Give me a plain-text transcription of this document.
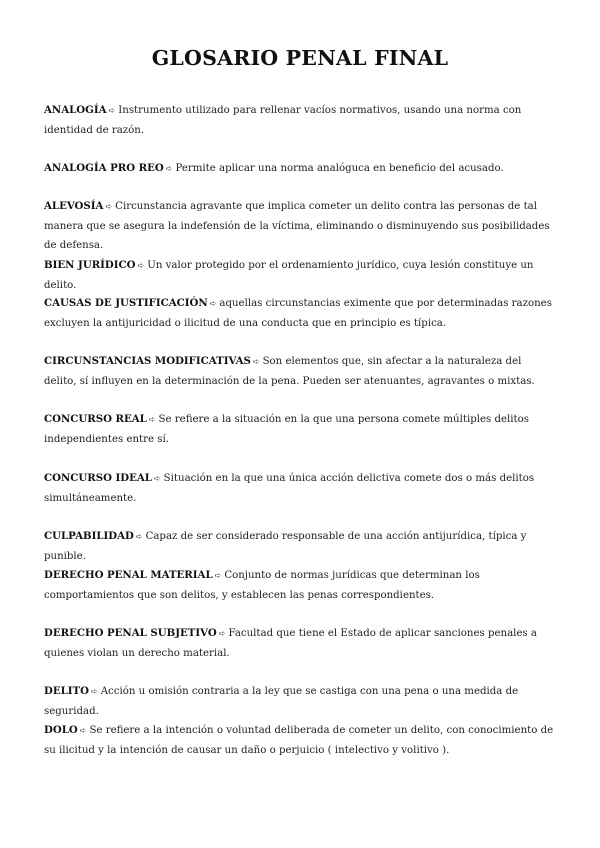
GLOSARIO PENAL FINAL
ANALOGÍA ➪ Instrumento utilizado para rellenar vacíos normativos, usando una norma con identidad de razón.
ANALOGÍA PRO REO ➪ Permite aplicar una norma analóguca en beneficio del acusado.
ALEVOSÍA ➪ Circunstancia agravante que implica cometer un delito contra las personas de tal manera que se asegura la indefensión de la víctima, eliminando o disminuyendo sus posibilidades de defensa.
BIEN JURÍDICO ➪ Un valor protegido por el ordenamiento jurídico, cuya lesión constituye un delito.
CAUSAS DE JUSTIFICACIÓN ➪ aquellas circunstancias eximente que por determinadas razones excluyen la antijuricidad o ilicitud de una conducta que en principio es típica.
CIRCUNSTANCIAS MODIFICATIVAS ➪ Son elementos que, sin afectar a la naturaleza del delito, sí influyen en la determinación de la pena. Pueden ser atenuantes, agravantes o mixtas.
CONCURSO REAL ➪ Se refiere a la situación en la que una persona comete múltiples delitos independientes entre sí.
CONCURSO IDEAL ➪ Situación en la que una única acción delictiva comete dos o más delitos simultáneamente.
CULPABILIDAD ➪ Capaz de ser considerado responsable de una acción antijurídica, típica y punible.
DERECHO PENAL MATERIAL ➪ Conjunto de normas jurídicas que determinan los comportamientos que son delitos, y establecen las penas correspondientes.
DERECHO PENAL SUBJETIVO ➪ Facultad que tiene el Estado de aplicar sanciones penales a quienes violan un derecho material.
DELITO ➪ Acción u omisión contraria a la ley que se castiga con una pena o una medida de seguridad.
DOLO ➪ Se refiere a la intención o voluntad deliberada de cometer un delito, con conocimiento de su ilicitud y la intención de causar un daño o perjuicio ( intelectivo y volitivo ).
